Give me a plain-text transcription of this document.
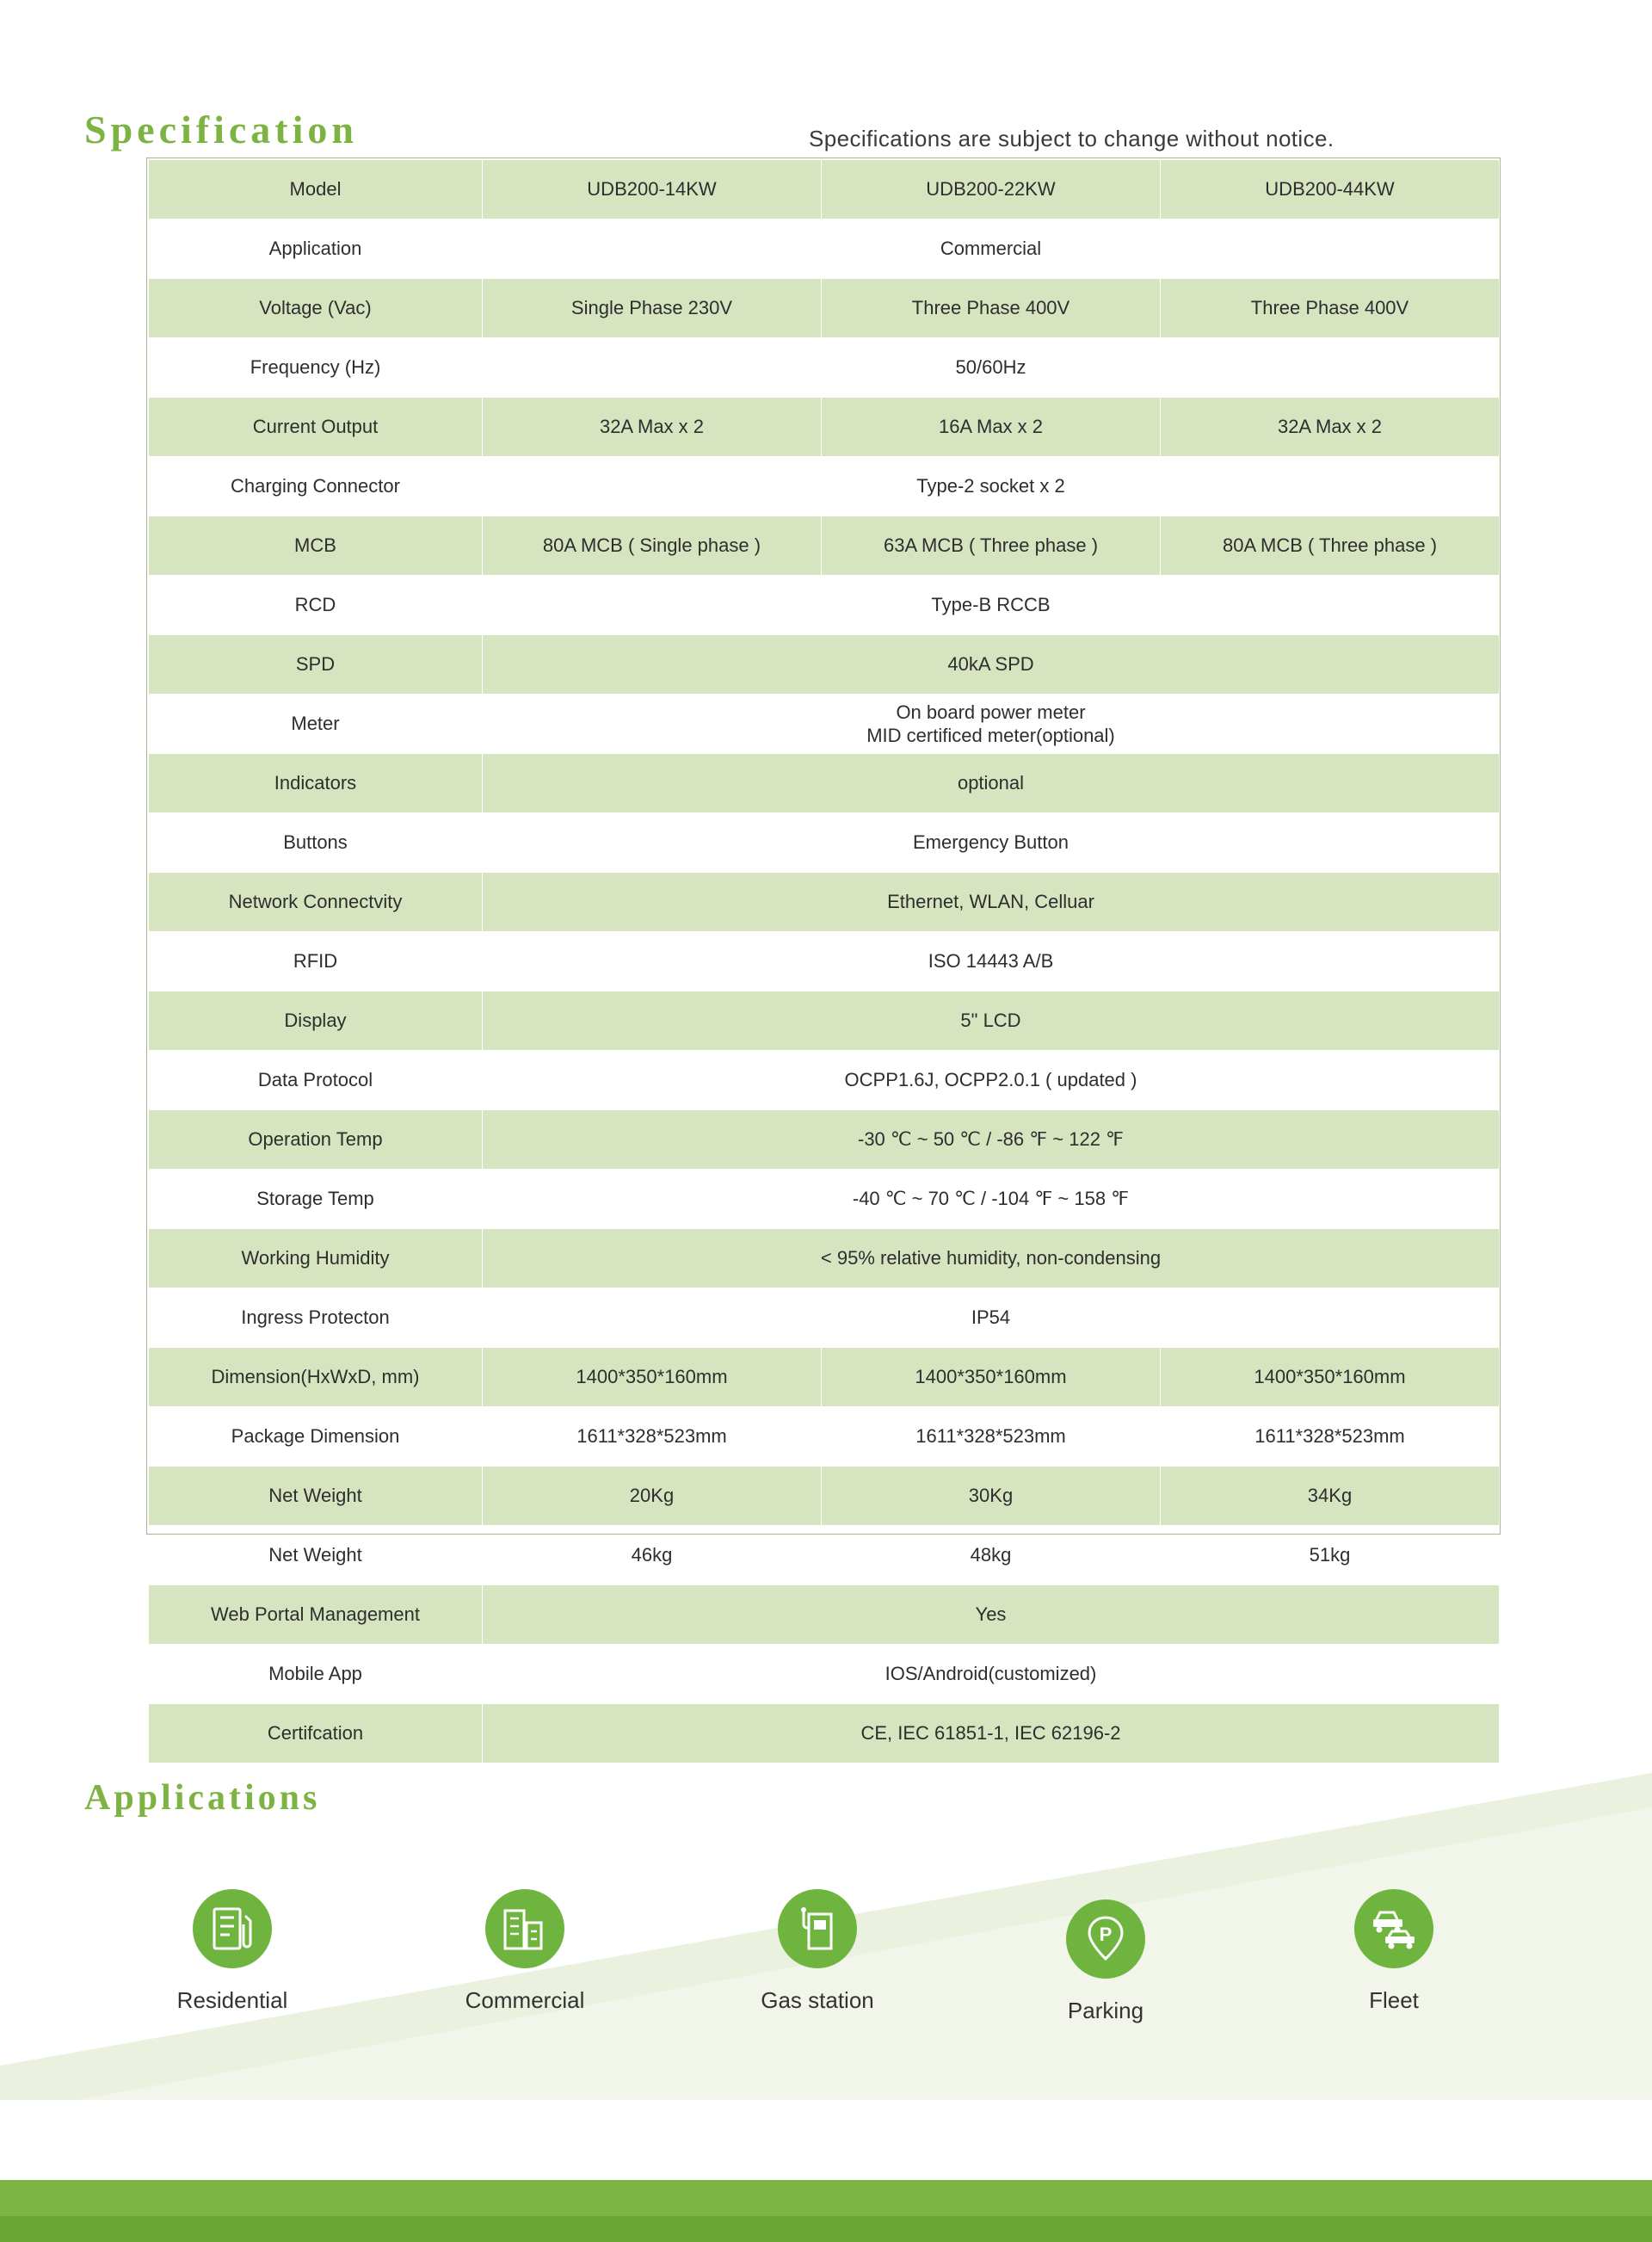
Specification	Specifications are subject to change without notice.
Model	UDB200-14KW	UDB200-22KW	UDB200-44KW
Application	Commercial		
Voltage (Vac)	Single Phase 230V	Three Phase 400V	Three Phase 400V
Frequency (Hz)	50/60Hz		
Current Output	32A Max x 2	16A Max x 2	32A Max x 2
Charging Connector	Type-2 socket x 2		
MCB	80A MCB ( Single phase )	63A MCB ( Three phase )	80A MCB ( Three phase )
RCD	Type-B RCCB		
SPD	40kA SPD		
Meter	On board power meter
MID certificed meter(optional)		

Indicators	optional		
Buttons	Emergency Button		
Network Connectvity	Ethernet, WLAN, Celluar		
RFID	ISO 14443 A/B		
Display	5" LCD		
Data Protocol	OCPP1.6J, OCPP2.0.1 ( updated )		
Operation Temp	-30 ℃ ~ 50 ℃ / -86 ℉ ~ 122 ℉		
Storage Temp	-40 ℃ ~ 70 ℃ / -104 ℉ ~ 158 ℉		
Working Humidity	< 95% relative humidity, non-condensing		
Ingress Protecton	IP54		
Dimension(HxWxD, mm)	1400*350*160mm	1400*350*160mm	1400*350*160mm
Package Dimension	1611*328*523mm	1611*328*523mm	1611*328*523mm
Net Weight	20Kg	30Kg	34Kg
Net Weight	46kg	48kg	51kg
Web Portal Management	Yes		
Mobile App	IOS/Android(customized)		
Certifcation	CE, IEC 61851-1, IEC 62196-2		
Applications
Residential	Commercial	Gas station
P
Parking	Fleet
